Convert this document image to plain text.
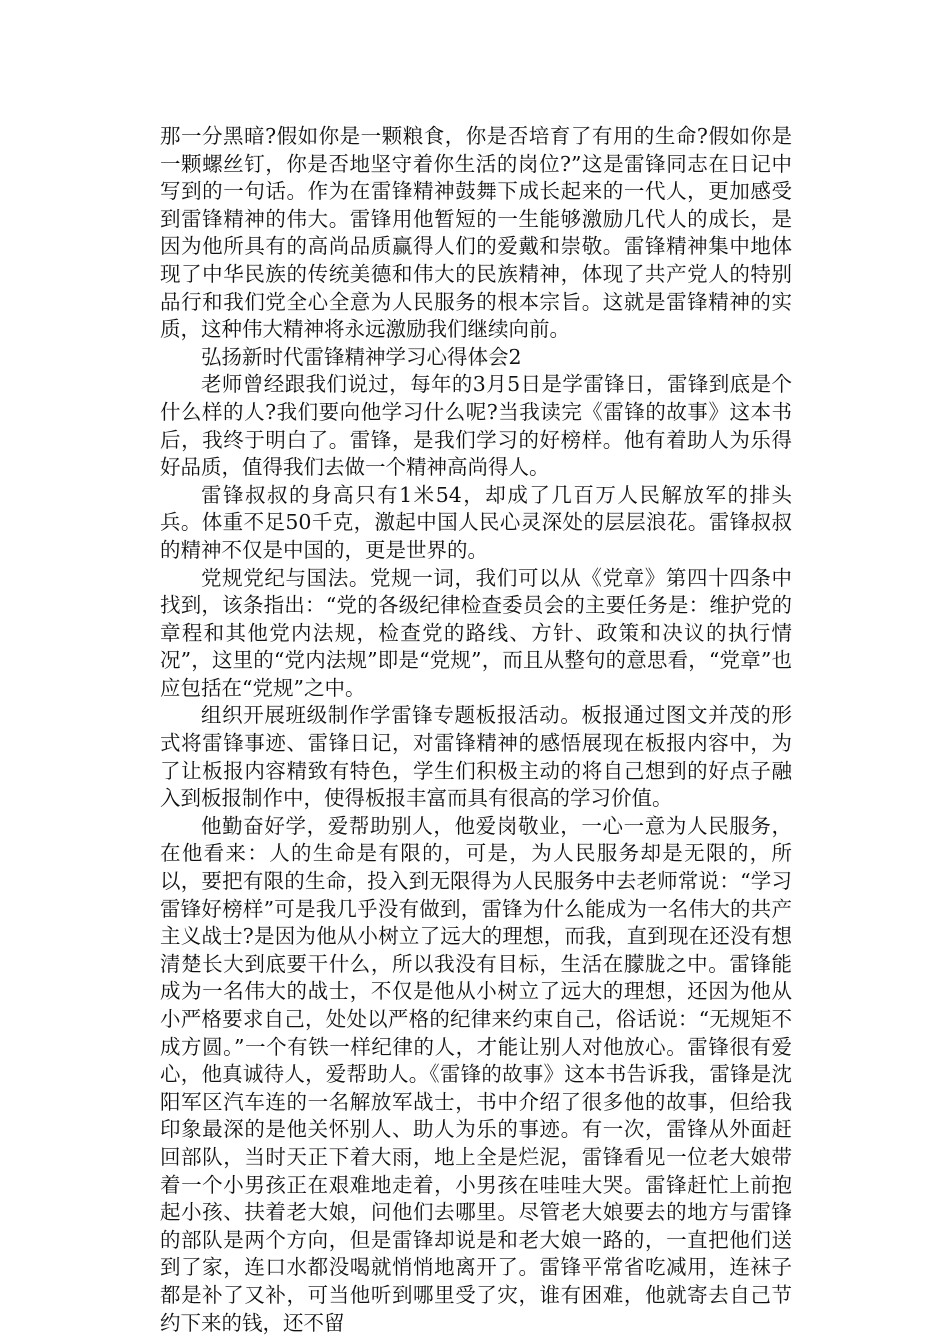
那一分黑暗?假如你是一颗粮食，你是否培育了有用的生命?假如你是一颗螺丝钉，你是否地坚守着你生活的岗位?”这是雷锋同志在日记中写到的一句话。作为在雷锋精神鼓舞下成长起来的一代人，更加感受到雷锋精神的伟大。雷锋用他暂短的一生能够激励几代人的成长，是因为他所具有的高尚品质赢得人们的爱戴和崇敬。雷锋精神集中地体现了中华民族的传统美德和伟大的民族精神，体现了共产党人的特别品行和我们党全心全意为人民服务的根本宗旨。这就是雷锋精神的实质，这种伟大精神将永远激励我们继续向前。

弘扬新时代雷锋精神学习心得体会2

老师曾经跟我们说过，每年的3月5日是学雷锋日，雷锋到底是个什么样的人?我们要向他学习什么呢?当我读完《雷锋的故事》这本书后，我终于明白了。雷锋，是我们学习的好榜样。他有着助人为乐得好品质，值得我们去做一个精神高尚得人。

雷锋叔叔的身高只有1米54，却成了几百万人民解放军的排头兵。体重不足50千克，激起中国人民心灵深处的层层浪花。雷锋叔叔的精神不仅是中国的，更是世界的。

党规党纪与国法。党规一词，我们可以从《党章》第四十四条中找到，该条指出：“党的各级纪律检查委员会的主要任务是：维护党的章程和其他党内法规，检查党的路线、方针、政策和决议的执行情况”，这里的“党内法规”即是“党规”，而且从整句的意思看，“党章”也应包括在“党规”之中。

组织开展班级制作学雷锋专题板报活动。板报通过图文并茂的形式将雷锋事迹、雷锋日记，对雷锋精神的感悟展现在板报内容中，为了让板报内容精致有特色，学生们积极主动的将自己想到的好点子融入到板报制作中，使得板报丰富而具有很高的学习价值。

他勤奋好学，爱帮助别人，他爱岗敬业，一心一意为人民服务，在他看来：人的生命是有限的，可是，为人民服务却是无限的，所以，要把有限的生命，投入到无限得为人民服务中去老师常说：“学习雷锋好榜样”可是我几乎没有做到，雷锋为什么能成为一名伟大的共产主义战士?是因为他从小树立了远大的理想，而我，直到现在还没有想清楚长大到底要干什么，所以我没有目标，生活在朦胧之中。雷锋能成为一名伟大的战士，不仅是他从小树立了远大的理想，还因为他从小严格要求自己，处处以严格的纪律来约束自己，俗话说：“无规矩不成方圆。”一个有铁一样纪律的人，才能让别人对他放心。雷锋很有爱心，他真诚待人，爱帮助人。《雷锋的故事》这本书告诉我，雷锋是沈阳军区汽车连的一名解放军战士，书中介绍了很多他的故事，但给我印象最深的是他关怀别人、助人为乐的事迹。有一次，雷锋从外面赶回部队，当时天正下着大雨，地上全是烂泥，雷锋看见一位老大娘带着一个小男孩正在艰难地走着，小男孩在哇哇大哭。雷锋赶忙上前抱起小孩、扶着老大娘，问他们去哪里。尽管老大娘要去的地方与雷锋的部队是两个方向，但是雷锋却说是和老大娘一路的，一直把他们送到了家，连口水都没喝就悄悄地离开了。雷锋平常省吃减用，连袜子都是补了又补，可当他听到哪里受了灾，谁有困难，他就寄去自己节约下来的钱，还不留
